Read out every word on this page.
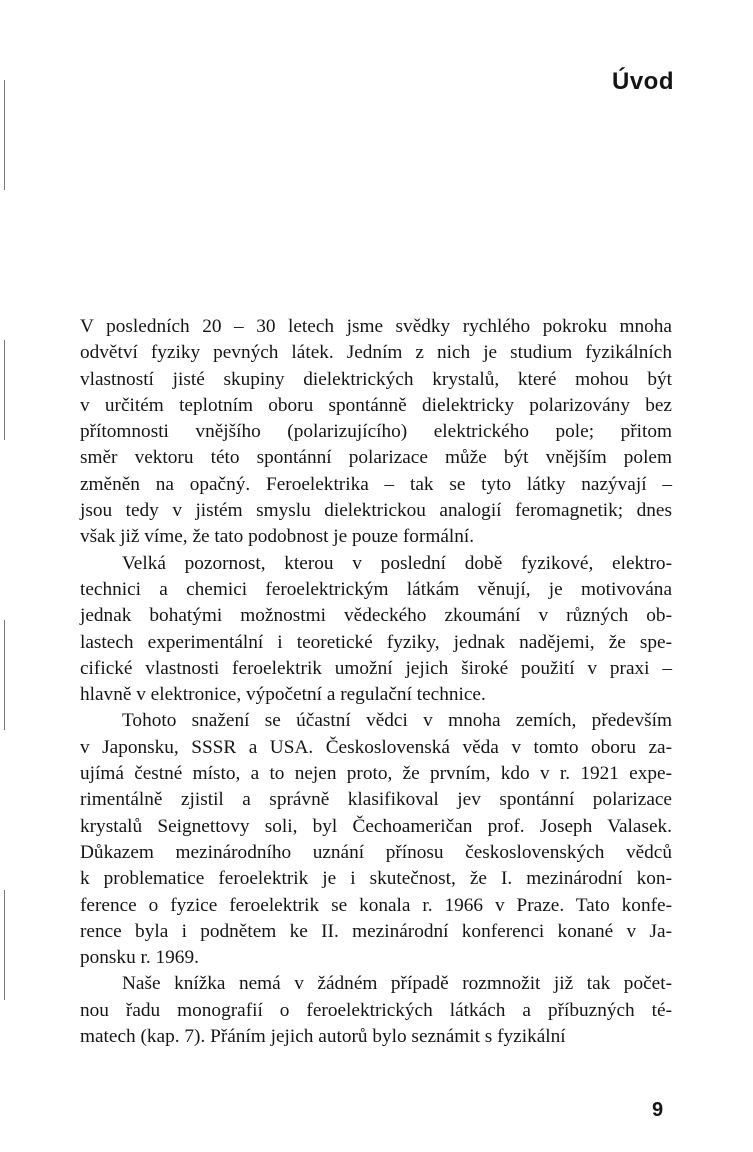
Úvod
V posledních 20 – 30 letech jsme svědky rychlého pokroku mnoha
odvětví fyziky pevných látek. Jedním z nich je studium fyzikálních
vlastností jisté skupiny dielektrických krystalů, které mohou být
v určitém teplotním oboru spontánně dielektricky polarizovány bez
přítomnosti vnějšího (polarizujícího) elektrického pole; přitom
směr vektoru této spontánní polarizace může být vnějším polem
změněn na opačný. Feroelektrika – tak se tyto látky nazývají –
jsou tedy v jistém smyslu dielektrickou analogií feromagnetik; dnes
však již víme, že tato podobnost je pouze formální.
Velká pozornost, kterou v poslední době fyzikové, elektro-
technici a chemici feroelektrickým látkám věnují, je motivována
jednak bohatými možnostmi vědeckého zkoumání v různých ob-
lastech experimentální i teoretické fyziky, jednak nadějemi, že spe-
cifické vlastnosti feroelektrik umožní jejich široké použití v praxi –
hlavně v elektronice, výpočetní a regulační technice.
Tohoto snažení se účastní vědci v mnoha zemích, především
v Japonsku, SSSR a USA. Československá věda v tomto oboru za-
ujímá čestné místo, a to nejen proto, že prvním, kdo v r. 1921 expe-
rimentálně zjistil a správně klasifikoval jev spontánní polarizace
krystalů Seignettovy soli, byl Čechoameričan prof. Joseph Valasek.
Důkazem mezinárodního uznání přínosu československých vědců
k problematice feroelektrik je i skutečnost, že I. mezinárodní kon-
ference o fyzice feroelektrik se konala r. 1966 v Praze. Tato konfe-
rence byla i podnětem ke II. mezinárodní konferenci konané v Ja-
ponsku r. 1969.
Naše knížka nemá v žádném případě rozmnožit již tak počet-
nou řadu monografií o feroelektrických látkách a příbuzných té-
matech (kap. 7). Přáním jejich autorů bylo seznámit s fyzikální
9
